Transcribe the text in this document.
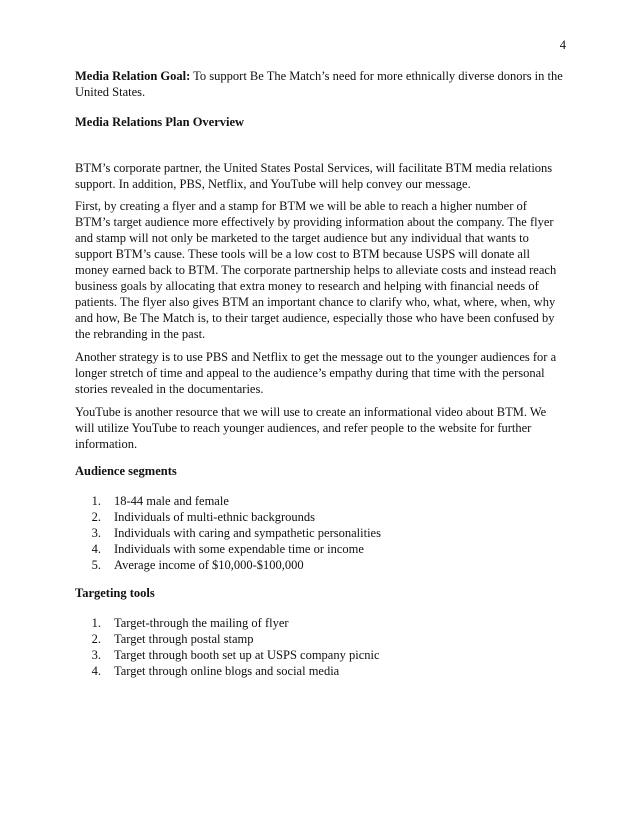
4

Media Relation Goal: To support Be The Match’s need for more ethnically diverse donors in the United States.

Media Relations Plan Overview

BTM’s corporate partner, the United States Postal Services, will facilitate BTM media relations support. In addition, PBS, Netflix, and YouTube will help convey our message.

First, by creating a flyer and a stamp for BTM we will be able to reach a higher number of BTM’s target audience more effectively by providing information about the company. The flyer and stamp will not only be marketed to the target audience but any individual that wants to support BTM’s cause. These tools will be a low cost to BTM because USPS will donate all money earned back to BTM. The corporate partnership helps to alleviate costs and instead reach business goals by allocating that extra money to research and helping with financial needs of patients. The flyer also gives BTM an important chance to clarify who, what, where, when, why and how, Be The Match is, to their target audience, especially those who have been confused by the rebranding in the past.

Another strategy is to use PBS and Netflix to get the message out to the younger audiences for a longer stretch of time and appeal to the audience’s empathy during that time with the personal stories revealed in the documentaries.

YouTube is another resource that we will use to create an informational video about BTM. We will utilize YouTube to reach younger audiences, and refer people to the website for further information.

Audience segments

1.	18-44 male and female
2.	Individuals of multi-ethnic backgrounds
3.	Individuals with caring and sympathetic personalities
4.	Individuals with some expendable time or income
5.	Average income of $10,000-$100,000

Targeting tools

1.	Target-through the mailing of flyer
2.	Target through postal stamp
3.	Target through booth set up at USPS company picnic
4.	Target through online blogs and social media
